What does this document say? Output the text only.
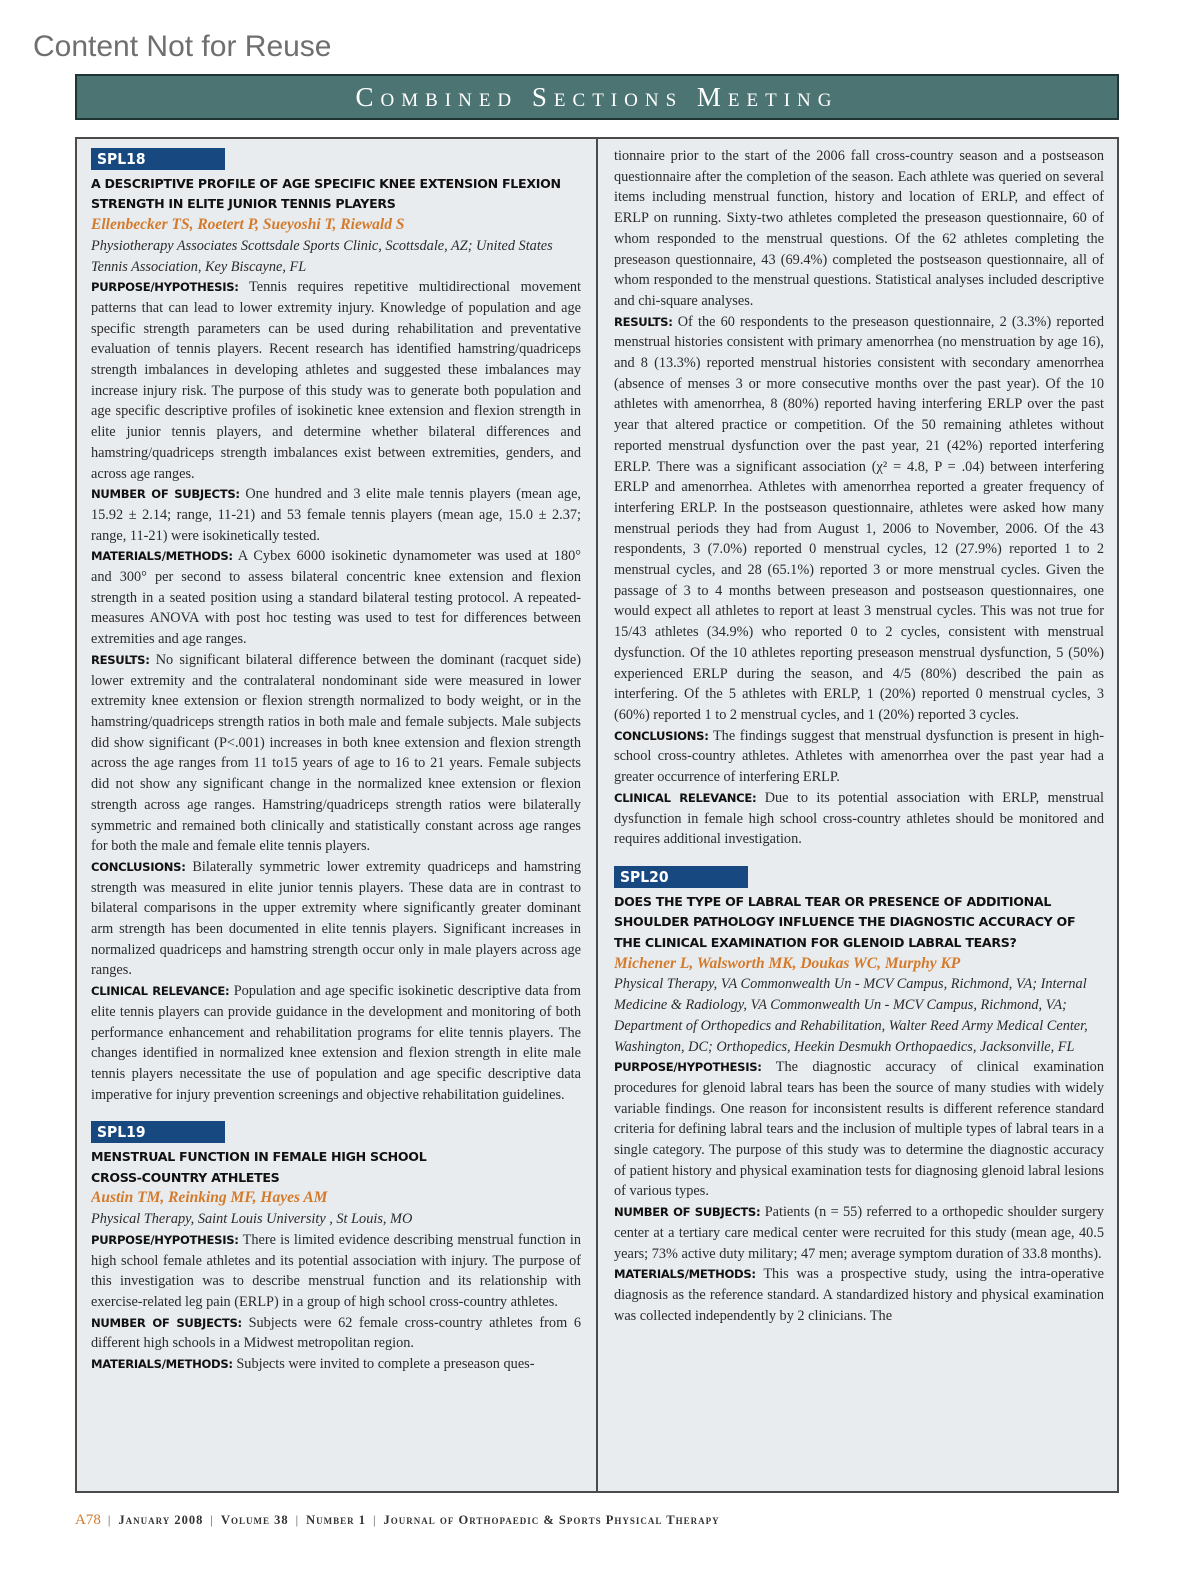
Content Not for Reuse
Combined Sections Meeting
SPL18
A DESCRIPTIVE PROFILE OF AGE SPECIFIC KNEE EXTENSION FLEXION STRENGTH IN ELITE JUNIOR TENNIS PLAYERS
Ellenbecker TS, Roetert P, Sueyoshi T, Riewald S
Physiotherapy Associates Scottsdale Sports Clinic, Scottsdale, AZ; United States Tennis Association, Key Biscayne, FL

PURPOSE/HYPOTHESIS: Tennis requires repetitive multidirectional movement patterns that can lead to lower extremity injury. Knowledge of population and age specific strength parameters can be used during rehabilitation and preventative evaluation of tennis players. Recent research has identified hamstring/quadriceps strength imbalances in developing athletes and suggested these imbalances may increase injury risk. The purpose of this study was to generate both population and age specific descriptive profiles of isokinetic knee extension and flexion strength in elite junior tennis players, and determine whether bilateral differences and hamstring/quadriceps strength imbalances exist between extremities, genders, and across age ranges.

NUMBER OF SUBJECTS: One hundred and 3 elite male tennis players (mean age, 15.92 ± 2.14; range, 11-21) and 53 female tennis players (mean age, 15.0 ± 2.37; range, 11-21) were isokinetically tested.

MATERIALS/METHODS: A Cybex 6000 isokinetic dynamometer was used at 180° and 300° per second to assess bilateral concentric knee extension and flexion strength in a seated position using a standard bilateral testing protocol. A repeated-measures ANOVA with post hoc testing was used to test for differences between extremities and age ranges.

RESULTS: No significant bilateral difference between the dominant (racquet side) lower extremity and the contralateral nondominant side were measured in lower extremity knee extension or flexion strength normalized to body weight, or in the hamstring/quadriceps strength ratios in both male and female subjects. Male subjects did show significant (P<.001) increases in both knee extension and flexion strength across the age ranges from 11 to15 years of age to 16 to 21 years. Female subjects did not show any significant change in the normalized knee extension or flexion strength across age ranges. Hamstring/quadriceps strength ratios were bilaterally symmetric and remained both clinically and statistically constant across age ranges for both the male and female elite tennis players.

CONCLUSIONS: Bilaterally symmetric lower extremity quadriceps and hamstring strength was measured in elite junior tennis players. These data are in contrast to bilateral comparisons in the upper extremity where significantly greater dominant arm strength has been documented in elite tennis players. Significant increases in normalized quadriceps and hamstring strength occur only in male players across age ranges.

CLINICAL RELEVANCE: Population and age specific isokinetic descriptive data from elite tennis players can provide guidance in the development and monitoring of both performance enhancement and rehabilitation programs for elite tennis players. The changes identified in normalized knee extension and flexion strength in elite male tennis players necessitate the use of population and age specific descriptive data imperative for injury prevention screenings and objective rehabilitation guidelines.

SPL19
MENSTRUAL FUNCTION IN FEMALE HIGH SCHOOL
CROSS-COUNTRY ATHLETES
Austin TM, Reinking MF, Hayes AM
Physical Therapy, Saint Louis University , St Louis, MO

PURPOSE/HYPOTHESIS: There is limited evidence describing menstrual function in high school female athletes and its potential association with injury. The purpose of this investigation was to describe menstrual function and its relationship with exercise-related leg pain (ERLP) in a group of high school cross-country athletes.

NUMBER OF SUBJECTS: Subjects were 62 female cross-country athletes from 6 different high schools in a Midwest metropolitan region.

MATERIALS/METHODS: Subjects were invited to complete a preseason ques-

tionnaire prior to the start of the 2006 fall cross-country season and a postseason questionnaire after the completion of the season. Each athlete was queried on several items including menstrual function, history and location of ERLP, and effect of ERLP on running. Sixty-two athletes completed the preseason questionnaire, 60 of whom responded to the menstrual questions. Of the 62 athletes completing the preseason questionnaire, 43 (69.4%) completed the postseason questionnaire, all of whom responded to the menstrual questions. Statistical analyses included descriptive and chi-square analyses.

RESULTS: Of the 60 respondents to the preseason questionnaire, 2 (3.3%) reported menstrual histories consistent with primary amenorrhea (no menstruation by age 16), and 8 (13.3%) reported menstrual histories consistent with secondary amenorrhea (absence of menses 3 or more consecutive months over the past year). Of the 10 athletes with amenorrhea, 8 (80%) reported having interfering ERLP over the past year that altered practice or competition. Of the 50 remaining athletes without reported menstrual dysfunction over the past year, 21 (42%) reported interfering ERLP. There was a significant association (χ² = 4.8, P = .04) between interfering ERLP and amenorrhea. Athletes with amenorrhea reported a greater frequency of interfering ERLP. In the postseason questionnaire, athletes were asked how many menstrual periods they had from August 1, 2006 to November, 2006. Of the 43 respondents, 3 (7.0%) reported 0 menstrual cycles, 12 (27.9%) reported 1 to 2 menstrual cycles, and 28 (65.1%) reported 3 or more menstrual cycles. Given the passage of 3 to 4 months between preseason and postseason questionnaires, one would expect all athletes to report at least 3 menstrual cycles. This was not true for 15/43 athletes (34.9%) who reported 0 to 2 cycles, consistent with menstrual dysfunction. Of the 10 athletes reporting preseason menstrual dysfunction, 5 (50%) experienced ERLP during the season, and 4/5 (80%) described the pain as interfering. Of the 5 athletes with ERLP, 1 (20%) reported 0 menstrual cycles, 3 (60%) reported 1 to 2 menstrual cycles, and 1 (20%) reported 3 cycles.

CONCLUSIONS: The findings suggest that menstrual dysfunction is present in high-school cross-country athletes. Athletes with amenorrhea over the past year had a greater occurrence of interfering ERLP.

CLINICAL RELEVANCE: Due to its potential association with ERLP, menstrual dysfunction in female high school cross-country athletes should be monitored and requires additional investigation.

SPL20
DOES THE TYPE OF LABRAL TEAR OR PRESENCE OF ADDITIONAL SHOULDER PATHOLOGY INFLUENCE THE DIAGNOSTIC ACCURACY OF THE CLINICAL EXAMINATION FOR GLENOID LABRAL TEARS?
Michener L, Walsworth MK, Doukas WC, Murphy KP
Physical Therapy, VA Commonwealth Un - MCV Campus, Richmond, VA; Internal Medicine & Radiology, VA Commonwealth Un - MCV Campus, Richmond, VA; Department of Orthopedics and Rehabilitation, Walter Reed Army Medical Center, Washington, DC; Orthopedics, Heekin Desmukh Orthopaedics, Jacksonville, FL

PURPOSE/HYPOTHESIS: The diagnostic accuracy of clinical examination procedures for glenoid labral tears has been the source of many studies with widely variable findings. One reason for inconsistent results is different reference standard criteria for defining labral tears and the inclusion of multiple types of labral tears in a single category. The purpose of this study was to determine the diagnostic accuracy of patient history and physical examination tests for diagnosing glenoid labral lesions of various types.

NUMBER OF SUBJECTS: Patients (n = 55) referred to a orthopedic shoulder surgery center at a tertiary care medical center were recruited for this study (mean age, 40.5 years; 73% active duty military; 47 men; average symptom duration of 33.8 months).

MATERIALS/METHODS: This was a prospective study, using the intra-operative diagnosis as the reference standard. A standardized history and physical examination was collected independently by 2 clinicians. The

A78 | January 2008 | Volume 38 | Number 1 | Journal of Orthopaedic & Sports Physical Therapy
